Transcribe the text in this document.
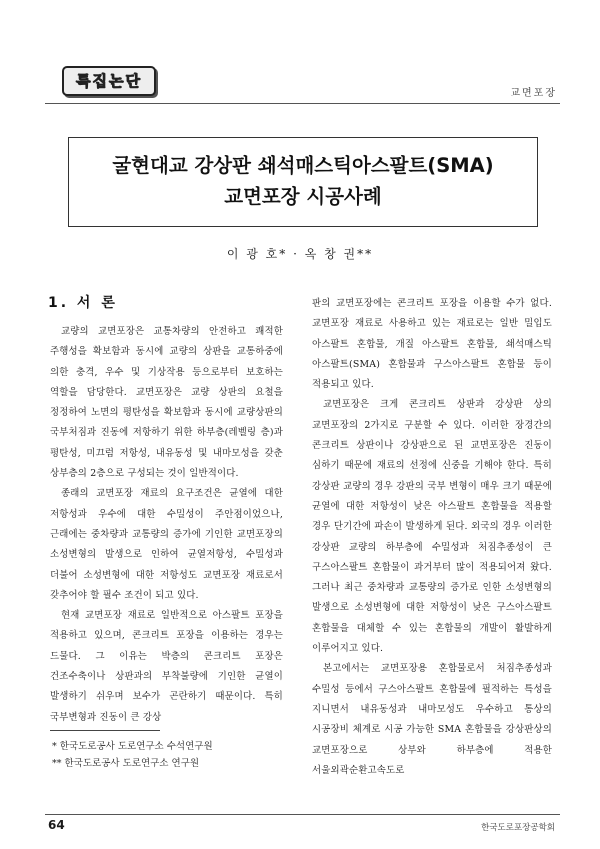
특집논단
교면포장
굴현대교 강상판 쇄석매스틱아스팔트(SMA)
교면포장 시공사례
이 광 호* · 옥 창 권**
1. 서 론

교량의 교면포장은 교통차량의 안전하고 쾌적한 주행성을 확보함과 동시에 교량의 상판을 교통하중에 의한 충격, 우수 및 기상작용 등으로부터 보호하는 역할을 담당한다. 교면포장은 교량 상판의 요철을 정정하여 노면의 평탄성을 확보함과 동시에 교량상판의 국부처짐과 진동에 저항하기 위한 하부층(레벨링 층)과 평탄성, 미끄럼 저항성, 내유동성 및 내마모성을 갖춘 상부층의 2층으로 구성되는 것이 일반적이다.

종래의 교면포장 재료의 요구조건은 균열에 대한 저항성과 우수에 대한 수밀성이 주안점이었으나, 근래에는 중차량과 교통량의 증가에 기인한 교면포장의 소성변형의 발생으로 인하여 균열저항성, 수밀성과 더불어 소성변형에 대한 저항성도 교면포장 재료로서 갖추어야 할 필수 조건이 되고 있다.

현재 교면포장 재료로 일반적으로 아스팔트 포장을 적용하고 있으며, 콘크리트 포장을 이용하는 경우는 드물다. 그 이유는 박층의 콘크리트 포장은 건조수축이나 상판과의 부착불량에 기인한 균열이 발생하기 쉬우며 보수가 곤란하기 때문이다. 특히 국부변형과 진동이 큰 강상

판의 교면포장에는 콘크리트 포장을 이용할 수가 없다. 교면포장 재료로 사용하고 있는 재료로는 일반 밀입도 아스팔트 혼합물, 개질 아스팔트 혼합물, 쇄석매스틱 아스팔트(SMA) 혼합물과 구스아스팔트 혼합물 등이 적용되고 있다.

교면포장은 크게 콘크리트 상판과 강상판 상의 교면포장의 2가지로 구분할 수 있다. 이러한 장경간의 콘크리트 상판이나 강상판으로 된 교면포장은 진동이 심하기 때문에 재료의 선정에 신중을 기해야 한다. 특히 강상판 교량의 경우 강판의 국부 변형이 매우 크기 때문에 균열에 대한 저항성이 낮은 아스팔트 혼합물을 적용할 경우 단기간에 파손이 발생하게 된다. 외국의 경우 이러한 강상판 교량의 하부층에 수밀성과 처짐추종성이 큰 구스아스팔트 혼합물이 과거부터 많이 적용되어져 왔다. 그러나 최근 중차량과 교통량의 증가로 인한 소성변형의 발생으로 소성변형에 대한 저항성이 낮은 구스아스팔트 혼합물을 대체할 수 있는 혼합물의 개발이 활발하게 이루어지고 있다.

본고에서는 교면포장용 혼합물로서 처짐추종성과 수밀성 등에서 구스아스팔트 혼합물에 필적하는 특성을 지니면서 내유동성과 내마모성도 우수하고 통상의 시공장비 체계로 시공 가능한 SMA 혼합물을 강상판상의 교면포장으로 상부와 하부층에 적용한 서울외곽순환고속도로

* 한국도로공사 도로연구소 수석연구원
** 한국도로공사 도로연구소 연구원
64	한국도로포장공학회
